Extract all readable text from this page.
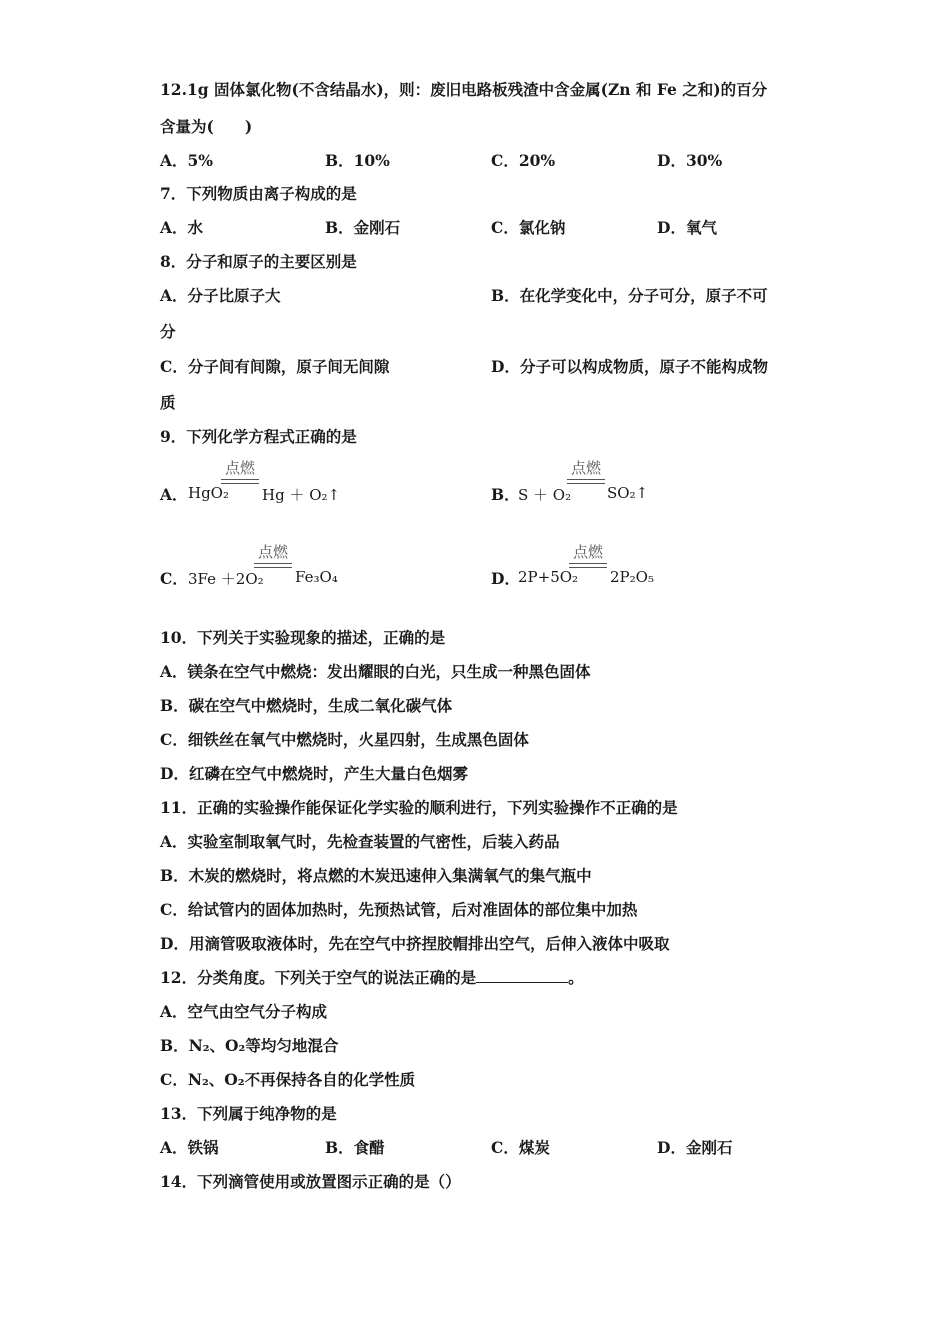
12.1g 固体氯化物(不含结晶水)，则：废旧电路板残渣中含金属(Zn 和 Fe 之和)的百分
含量为(　　)
A．5%	B．10%	C．20%	D．30%
7．下列物质由离子构成的是
A．水	B．金刚石	C．氯化钠	D．氧气
8．分子和原子的主要区别是
A．分子比原子大	B．在化学变化中，分子可分，原子不可
分
C．分子间有间隙，原子间无间隙	D．分子可以构成物质，原子不能构成物
质
9．下列化学方程式正确的是
A． HgO₂
点燃
Hg ＋ O₂↑	B．
S ＋ O₂
点燃
SO₂↑
C． 3Fe ＋2O₂
点燃
Fe₃O₄	D．
2P+5O₂
点燃
2P₂O₅
10．下列关于实验现象的描述，正确的是
A．镁条在空气中燃烧：发出耀眼的白光，只生成一种黑色固体
B．碳在空气中燃烧时，生成二氧化碳气体
C．细铁丝在氧气中燃烧时，火星四射，生成黑色固体
D．红磷在空气中燃烧时，产生大量白色烟雾
11．正确的实验操作能保证化学实验的顺利进行，下列实验操作不正确的是
A．实验室制取氧气时，先检查装置的气密性，后装入药品
B．木炭的燃烧时，将点燃的木炭迅速伸入集满氧气的集气瓶中
C．给试管内的固体加热时，先预热试管，后对准固体的部位集中加热
D．用滴管吸取液体时，先在空气中挤捏胶帽排出空气，后伸入液体中吸取
12．分类角度。下列关于空气的说法正确的是	。
A．空气由空气分子构成
B．N₂、O₂等均匀地混合
C．N₂、O₂不再保持各自的化学性质
13．下列属于纯净物的是
A．铁锅	B．食醋	C．煤炭	D．金刚石
14．下列滴管使用或放置图示正确的是（）
